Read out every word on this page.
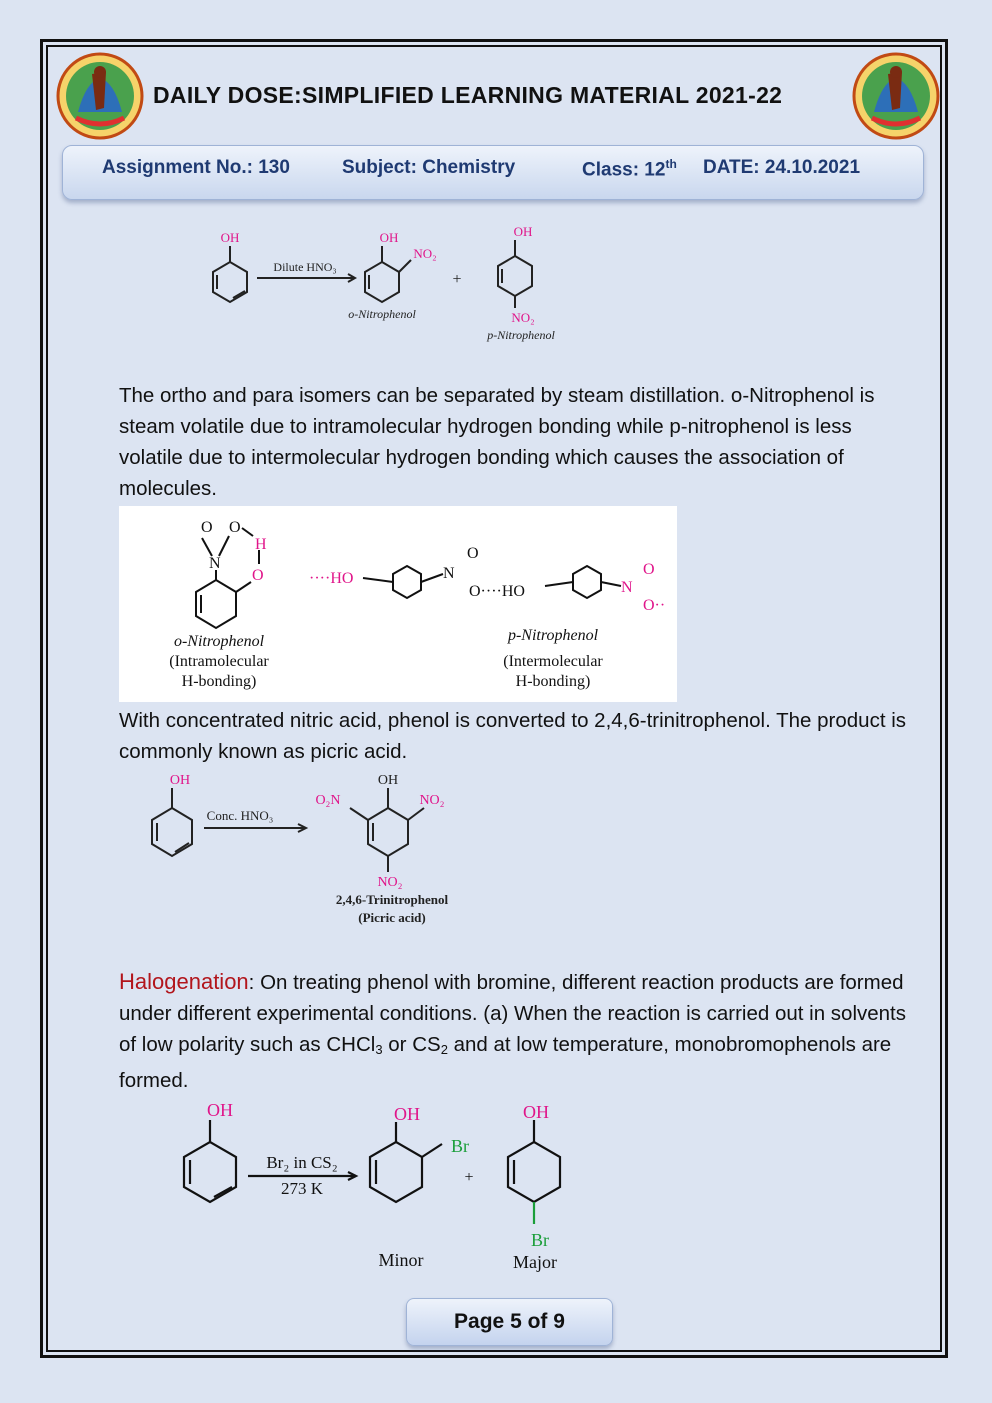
DAILY DOSE:SIMPLIFIED LEARNING MATERIAL 2021-22
Assignment No.: 130	Subject: Chemistry	Class: 12th DATE: 24.10.2021
OH
Dilute HNO₃
OH
NO₂
+
OH
NO₂
o-Nitrophenol
p-Nitrophenol

The ortho and para isomers can be separated by steam distillation. o-Nitrophenol is steam volatile due to intramolecular hydrogen bonding while p-nitrophenol is less volatile due to intermolecular hydrogen bonding which causes the association of molecules.

O O
N
H
O	····HO	N
O
O····HO	N
O
O··
o-Nitrophenol
(Intramolecular
H-bonding)
p-Nitrophenol
(Intermolecular
H-bonding)

With concentrated nitric acid, phenol is converted to 2,4,6-trinitrophenol. The product is commonly known as picric acid.

OH
Conc. HNO₃
OH
O₂N	NO₂
NO₂
2,4,6-Trinitrophenol
(Picric acid)

Halogenation: On treating phenol with bromine, different reaction products are formed under different experimental conditions. (a) When the reaction is carried out in solvents of low polarity such as CHCl$_3$ or $CS_2$ and at low temperature, monobromophenols are formed.

OH
Br₂ in CS₂
273 K
OH
Br
+
OH
Br
Minor	Major
Page 5 of 9
